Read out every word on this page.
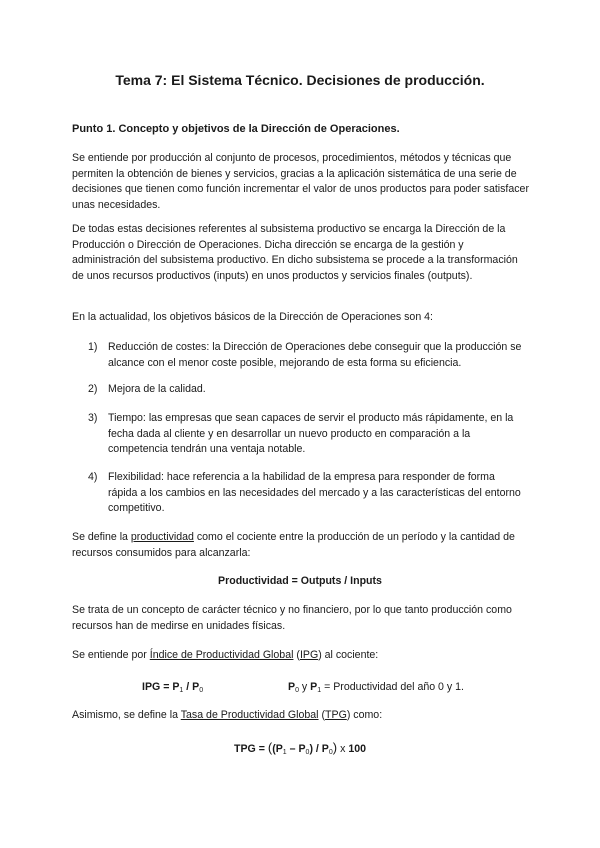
Tema 7: El Sistema Técnico. Decisiones de producción.
Punto 1. Concepto y objetivos de la Dirección de Operaciones.

Se entiende por producción al conjunto de procesos, procedimientos, métodos y técnicas que permiten la obtención de bienes y servicios, gracias a la aplicación sistemática de una serie de decisiones que tienen como función incrementar el valor de unos productos para poder satisfacer unas necesidades.

De todas estas decisiones referentes al subsistema productivo se encarga la Dirección de la Producción o Dirección de Operaciones. Dicha dirección se encarga de la gestión y administración del subsistema productivo. En dicho subsistema se procede a la transformación de unos recursos productivos (inputs) en unos productos y servicios finales (outputs).

En la actualidad, los objetivos básicos de la Dirección de Operaciones son 4:

1) Reducción de costes: la Dirección de Operaciones debe conseguir que la producción se alcance con el menor coste posible, mejorando de esta forma su eficiencia.
2) Mejora de la calidad.
3) Tiempo: las empresas que sean capaces de servir el producto más rápidamente, en la fecha dada al cliente y en desarrollar un nuevo producto en comparación a la competencia tendrán una ventaja notable.
4) Flexibilidad: hace referencia a la habilidad de la empresa para responder de forma rápida a los cambios en las necesidades del mercado y a las características del entorno competitivo.

Se define la productividad como el cociente entre la producción de un período y la cantidad de recursos consumidos para alcanzarla:

Productividad = Outputs / Inputs

Se trata de un concepto de carácter técnico y no financiero, por lo que tanto producción como recursos han de medirse en unidades físicas.

Se entiende por Índice de Productividad Global (IPG) al cociente:

IPG = $P_1 / P_0$	$P_0$ y $P_1$ = Productividad del año 0 y 1.

Asimismo, se define la Tasa de Productividad Global (TPG) como:

TPG = $((P_1 - P_0) / P_0)$ x 100
